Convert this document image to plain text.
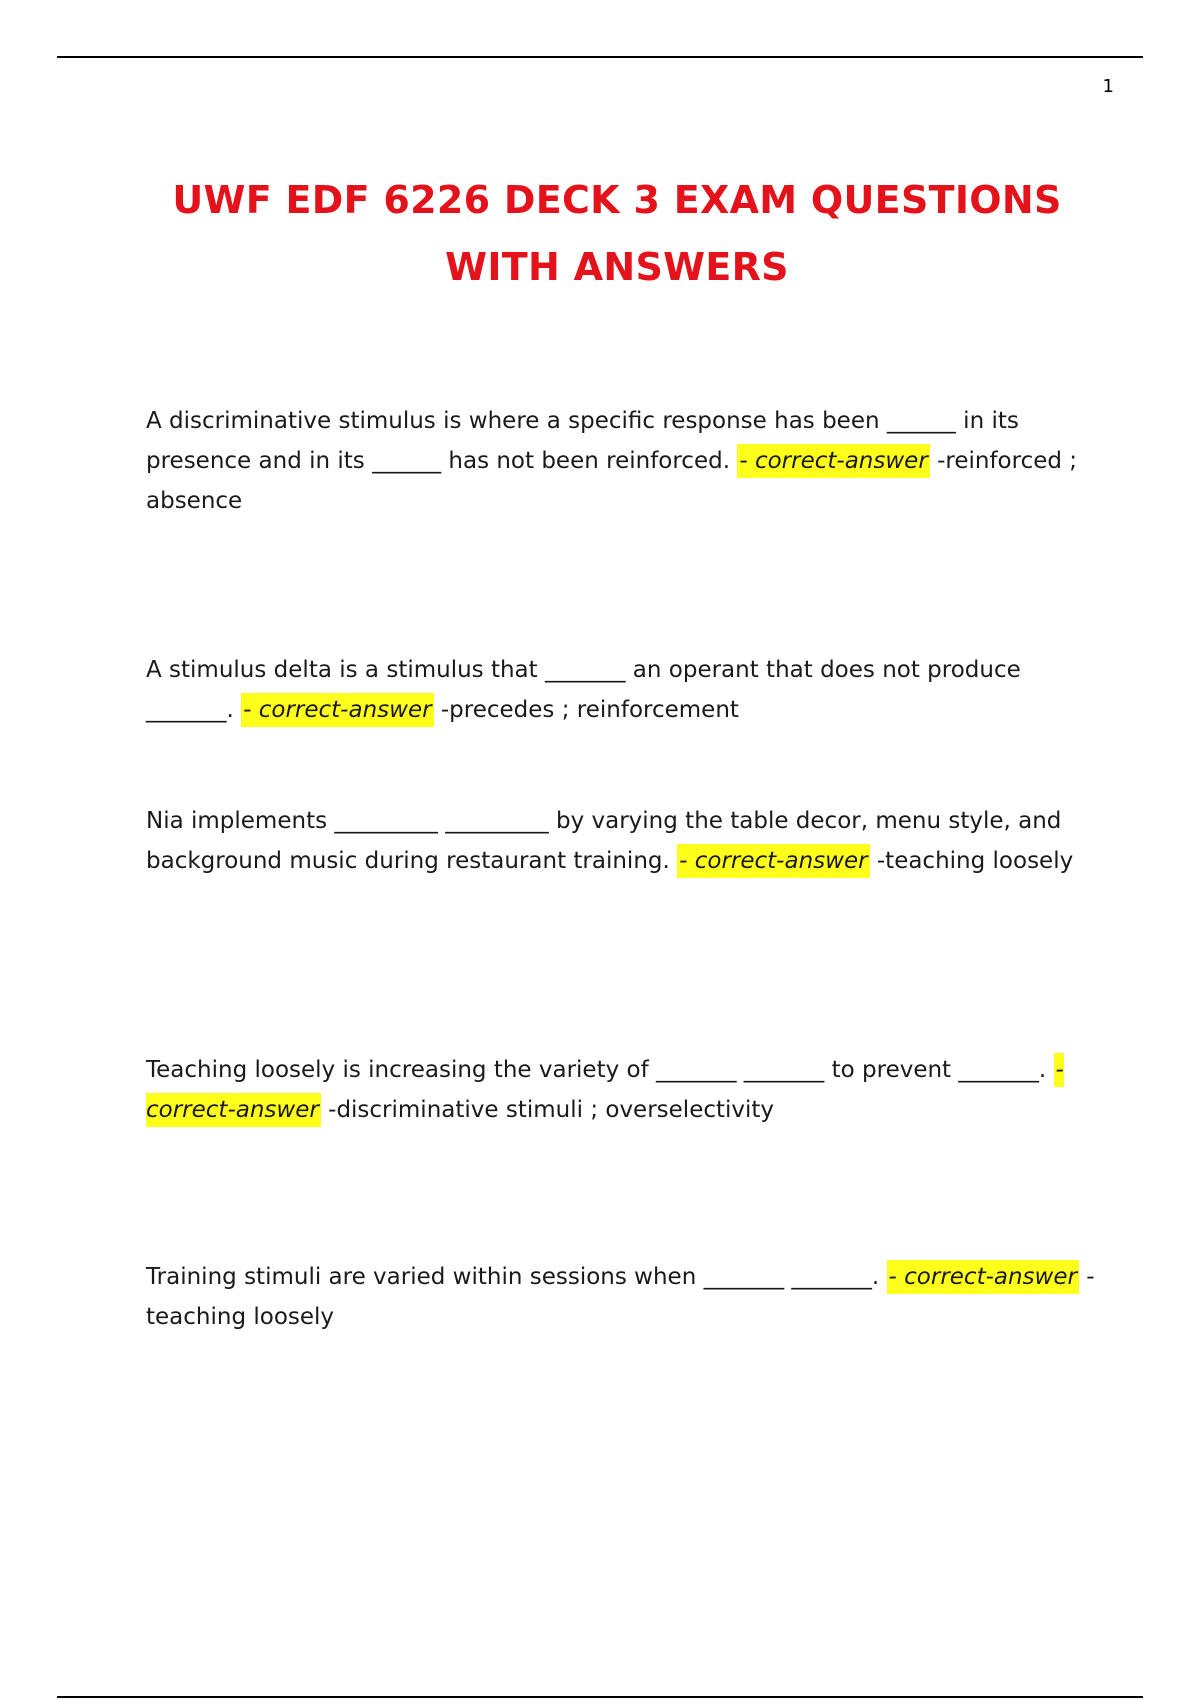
1
UWF EDF 6226 DECK 3 EXAM QUESTIONS
WITH ANSWERS

A discriminative stimulus is where a specific response has been ______ in its presence and in its ______ has not been reinforced. - correct-answer -reinforced ; absence

A stimulus delta is a stimulus that _______ an operant that does not produce _______. - correct-answer -precedes ; reinforcement

Nia implements _________ _________ by varying the table decor, menu style, and background music during restaurant training. - correct-answer -teaching loosely

Teaching loosely is increasing the variety of _______ _______ to prevent _______. - correct-answer -discriminative stimuli ; overselectivity

Training stimuli are varied within sessions when _______ _______. - correct-answer -teaching loosely
